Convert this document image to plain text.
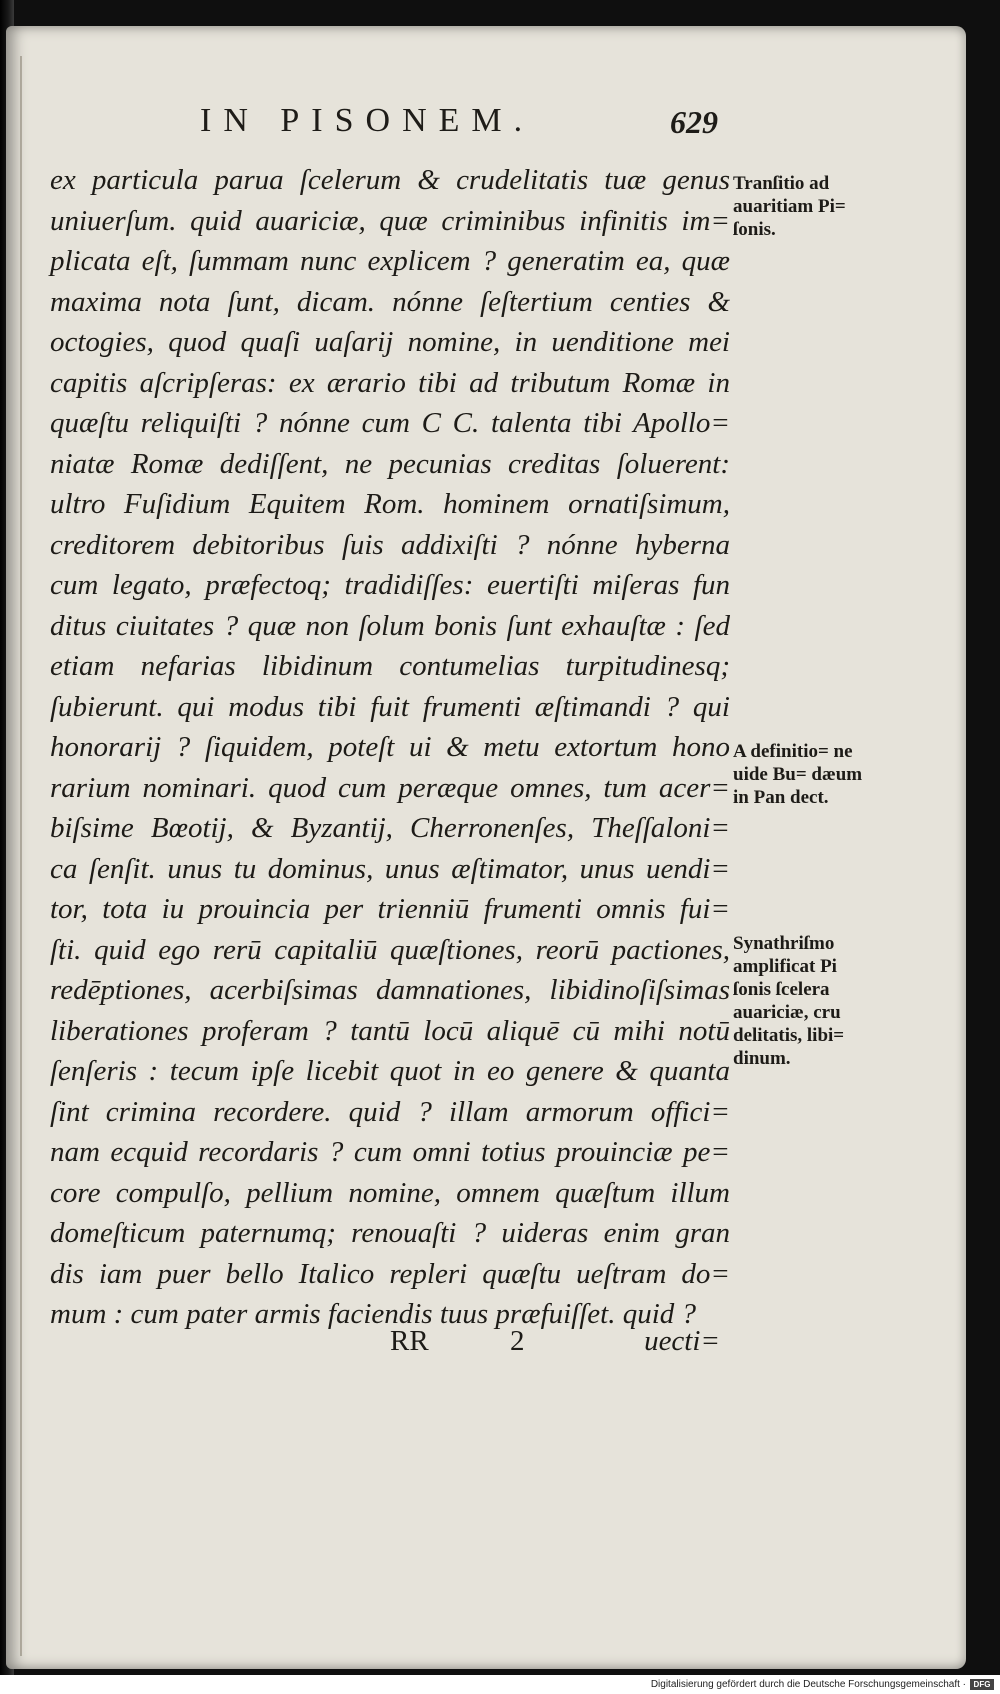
IN PISONEM.	629
ex particula parua ſcelerum & crudelitatis tuæ genus
uniuerſum. quid auariciæ, quæ criminibus infinitis im=
plicata eſt, ſummam nunc explicem ? generatim ea, quæ
maxima nota ſunt, dicam. nónne ſeſtertium centies &
octogies, quod quaſi uaſarij nomine, in uenditione mei
capitis aſcripſeras: ex ærario tibi ad tributum Romæ in
quæſtu reliquiſti ? nónne cum C C. talenta tibi Apollo=
niatæ Romæ dediſſent, ne pecunias creditas ſoluerent:
ultro Fuſidium Equitem Rom. hominem ornatiſsimum,
creditorem debitoribus ſuis addixiſti ? nónne hyberna
cum legato, præfectoq; tradidiſſes: euertiſti miſeras fun
ditus ciuitates ? quæ non ſolum bonis ſunt exhauſtæ : ſed
etiam nefarias libidinum contumelias turpitudinesq;
ſubierunt. qui modus tibi fuit frumenti æſtimandi ? qui
honorarij ? ſiquidem, poteſt ui & metu extortum hono
rarium nominari. quod cum peræque omnes, tum acer=
biſsime Bœotij, & Byzantij, Cherronenſes, Theſſaloni=
ca ſenſit. unus tu dominus, unus æſtimator, unus uendi=
tor, tota iu prouincia per trienniū frumenti omnis fui=
ſti. quid ego rerū capitaliū quæſtiones, reorū pactiones,
redēptiones, acerbiſsimas damnationes, libidinoſiſsimas
liberationes proferam ? tantū locū aliquē cū mihi notū
ſenſeris : tecum ipſe licebit quot in eo genere & quanta
ſint crimina recordere. quid ? illam armorum offici=
nam ecquid recordaris ? cum omni totius prouinciæ pe=
core compulſo, pellium nomine, omnem quæſtum illum
domeſticum paternumq; renouaſti ? uideras enim gran
dis iam puer bello Italico repleri quæſtu ueſtram do=
mum : cum pater armis faciendis tuus præfuiſſet. quid ?
RR	2	uecti=
Tranſitio ad auaritiam Pi= ſonis.
A definitio= ne uide Bu= dæum in Pan dect.
Synathriſmo amplificat Pi ſonis ſcelera auariciæ, cru delitatis, libi= dinum.
Digitalisierung gefördert durch die Deutsche Forschungsgemeinschaft · DFG
